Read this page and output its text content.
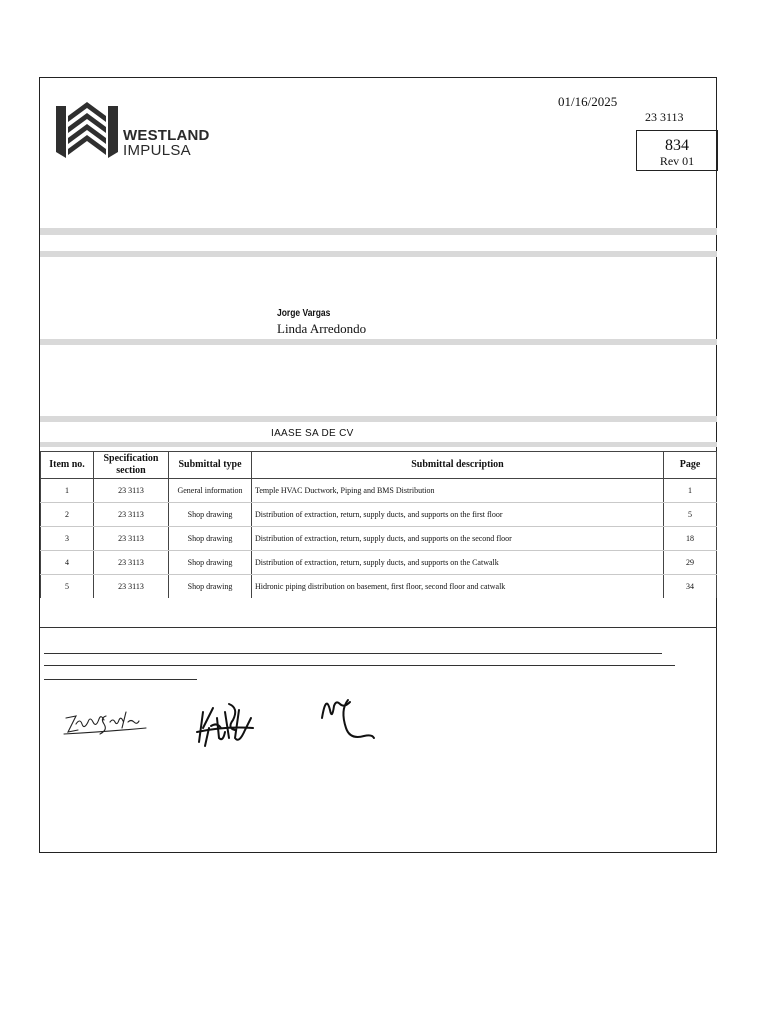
WESTLAND
IMPULSA
01/16/2025
23 3113
834
Rev 01
Jorge Vargas
Linda Arredondo
IAASE SA DE CV
Item no.	Specification section	Submittal type	Submittal description	Page
1	23 3113	General information	Temple HVAC Ductwork, Piping and BMS Distribution	1
2	23 3113	Shop drawing	Distribution of extraction, return, supply ducts, and supports on the first floor	5
3	23 3113	Shop drawing	Distribution of extraction, return, supply ducts, and supports on the second floor	18
4	23 3113	Shop drawing	Distribution of extraction, return, supply ducts, and supports on the Catwalk	29
5	23 3113	Shop drawing	Hidronic piping distribution on basement, first floor, second floor and catwalk	34
